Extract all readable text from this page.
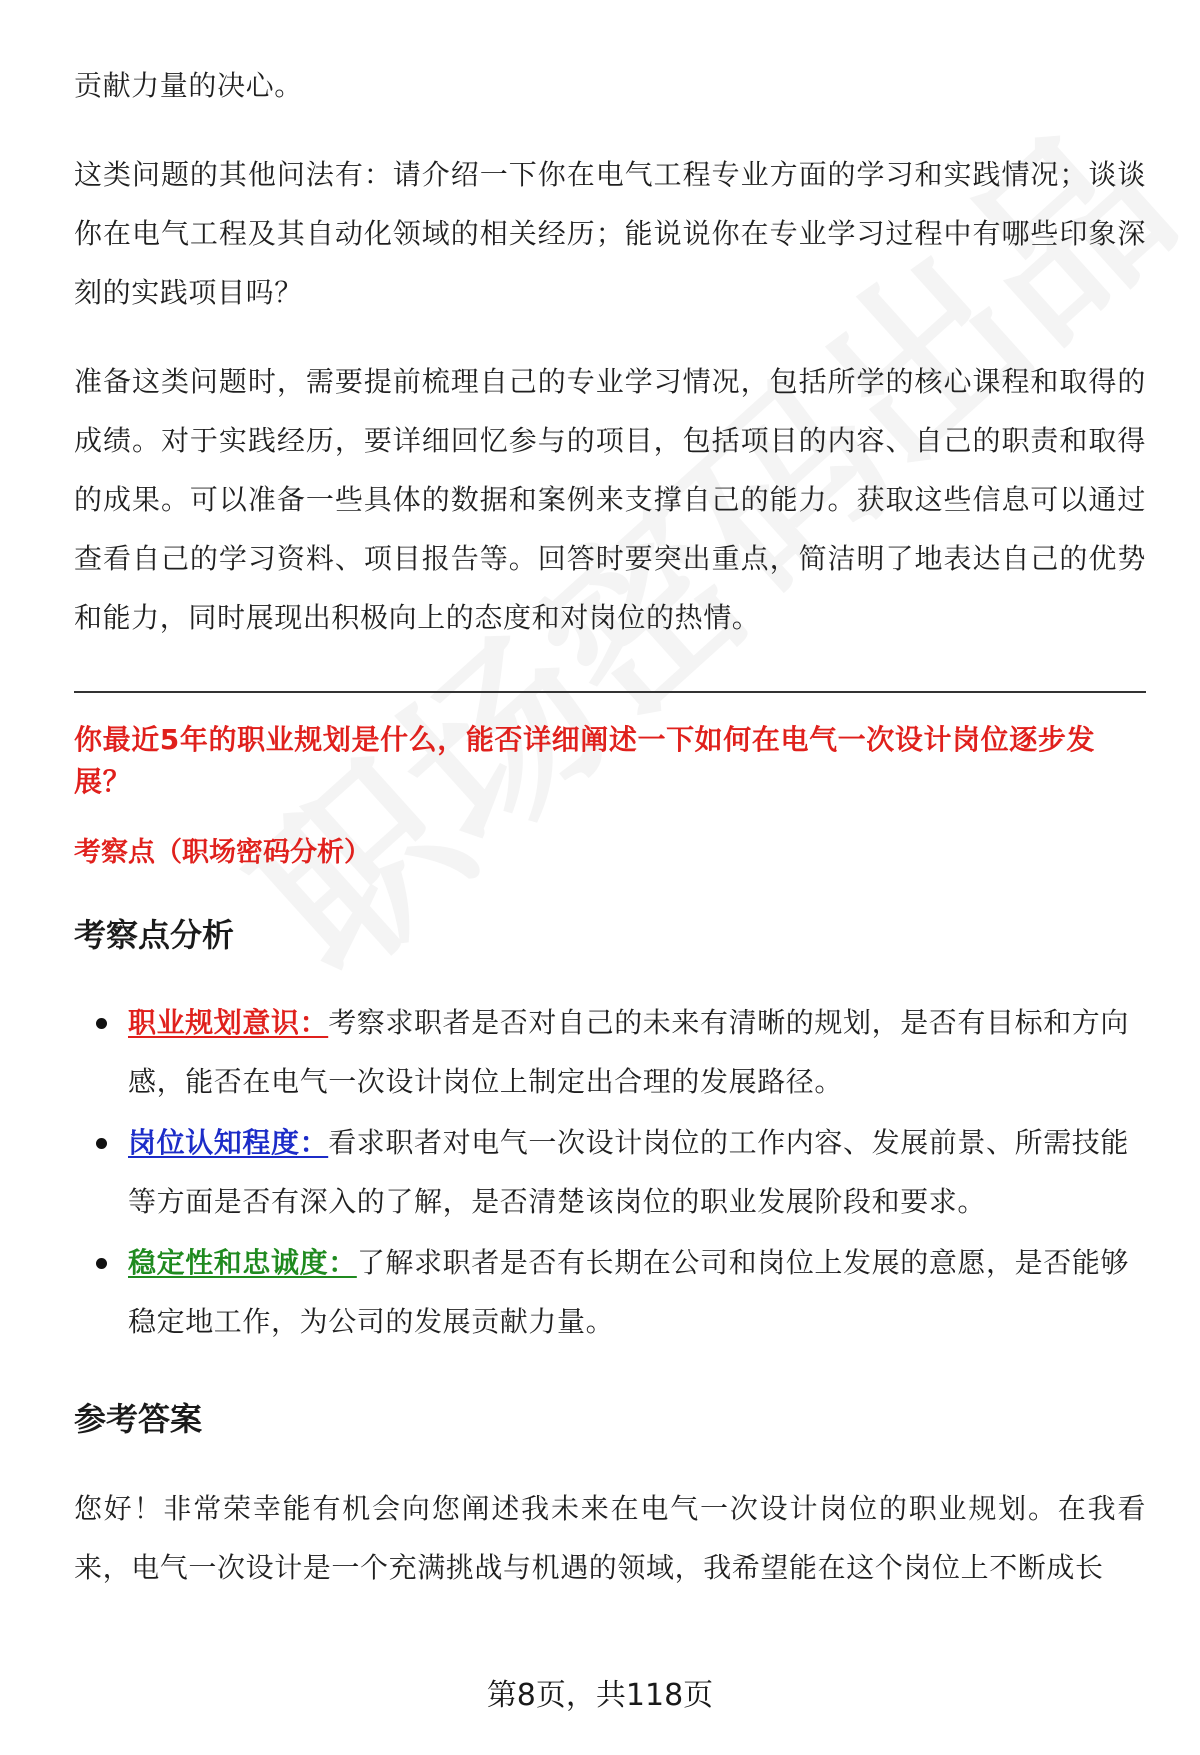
贡献力量的决心。

这类问题的其他问法有：请介绍一下你在电气工程专业方面的学习和实践情况；谈谈你在电气工程及其自动化领域的相关经历；能说说你在专业学习过程中有哪些印象深刻的实践项目吗？

准备这类问题时，需要提前梳理自己的专业学习情况，包括所学的核心课程和取得的成绩。对于实践经历，要详细回忆参与的项目，包括项目的内容、自己的职责和取得的成果。可以准备一些具体的数据和案例来支撑自己的能力。获取这些信息可以通过查看自己的学习资料、项目报告等。回答时要突出重点，简洁明了地表达自己的优势和能力，同时展现出积极向上的态度和对岗位的热情。

你最近5年的职业规划是什么，能否详细阐述一下如何在电气一次设计岗位逐步发展？
考察点（职场密码分析）
考察点分析
职业规划意识：考察求职者是否对自己的未来有清晰的规划，是否有目标和方向感，能否在电气一次设计岗位上制定出合理的发展路径。
岗位认知程度：看求职者对电气一次设计岗位的工作内容、发展前景、所需技能等方面是否有深入的了解，是否清楚该岗位的职业发展阶段和要求。
稳定性和忠诚度：了解求职者是否有长期在公司和岗位上发展的意愿，是否能够稳定地工作，为公司的发展贡献力量。
参考答案

您好！非常荣幸能有机会向您阐述我未来在电气一次设计岗位的职业规划。在我看来，电气一次设计是一个充满挑战与机遇的领域，我希望能在这个岗位上不断成长

第8页，共118页
